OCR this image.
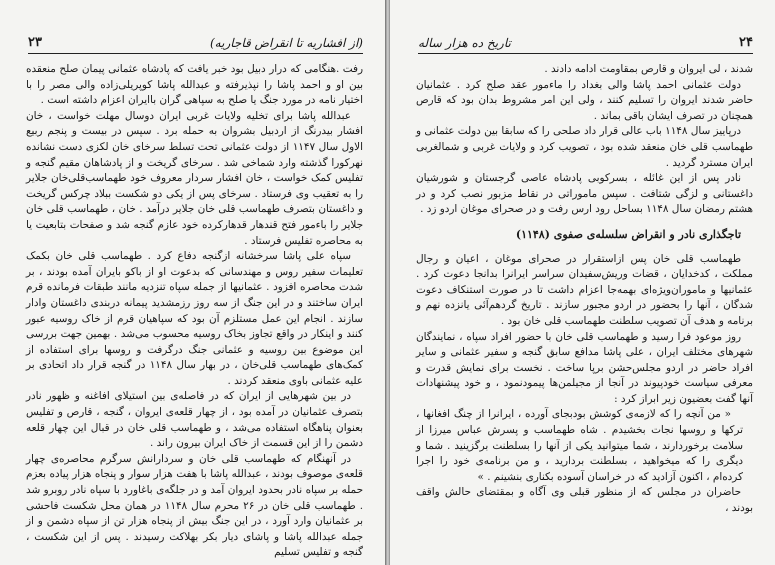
۲۳	(از افشاریه تا انقراض قاجاریه)

رفت .هنگامی که درار دبیل بود خبر یافت که پادشاه عثمانی پیمان صلح منعقده بین او و احمد پاشا را نپذیرفته و عبدالله پاشا کوپریلی‌زاده والی مصر را با اختیار نامه در مورد جنگ یا صلح به سپاهی گران باایران اعزام داشته است .

عبدالله پاشا برای تخلیه ولایات غربی ایران دوسال مهلت خواست ، خان افشار بیدرنگ از اردبیل بشروان به حمله برد . سپس در بیست و پنجم ربیع الاول سال ۱۱۴۷ از دولت عثمانی تحت تسلط سرخای خان لکزی دست نشانده نهرکورا گذشته وارد شماخی شد . سرخای گریخت و از پادشاهان مقیم گنجه و تفلیس کمک خواست ، خان افشار سردار معروف خود طهماسب‌قلی‌خان جلایر را به تعقیب وی فرستاد . سرخای پس از یکی دو شکست ببلاد چرکس گریخت و داغستان بتصرف طهماسب قلی خان جلایر درآمد . خان ، طهماسب قلی خان جلایر را باءمور فتح قندهار قدهارکرده خود عازم گنجه شد و صفحات بتابعیت یا به محاصره تفلیس فرستاد .

سپاه علی پاشا سرخشانه ازگنجه دفاع کرد . طهماسب قلی خان بکمک تعلیمات سفیر روس و مهندسانی که بدعوت او از باکو بایران آمده بودند ، بر شدت محاصره افزود . عثمانیها از جمله سپاه تنزدیه مانند طبقات فرمانده قرم ایران ساختند و در این جنگ از سه روز رزمشدید پیمانه دربندی داغستان وادار سازند . انجام این عمل مستلزم آن بود که سپاهیان قرم از خاک روسیه عبور کنند و اینکار در واقع تجاوز بخاک روسیه محسوب می‌شد . بهمین جهت بررسی این موضوع بین روسیه و عثمانی جنگ درگرفت و روسها برای استفاده از کمک‌های طهماسب قلی‌خان ، در بهار سال ۱۱۴۸ در گنجه قرار داد اتحادی بر علیه عثمانی باوی منعقد کردند .

در بین شهرهایی از ایران که در فاصله‌ی بین استیلای افاغنه و ظهور نادر بتصرف عثمانیان در آمده بود ، از چهار قلعه‌ی ایروان ، گنجه ، قارص و تفلیس بعنوان پناهگاه استفاده می‌شد ، و طهماسب قلی خان در قبال این چهار قلعه دشمن را از این قسمت از خاک ایران بیرون راند .

در آنهنگام که طهماسب قلی خان و سردارانش سرگرم محاصره‌ی چهار قلعه‌ی موصوف بودند ، عبدالله پاشا با هفت هزار سوار و پنجاه هزار پیاده بعزم حمله بر سپاه نادر بحدود ایروان آمد و در جلگه‌ی باغاورد با سپاه نادر روبرو شد . طهماسب قلی خان در ۲۶ محرم سال ۱۱۴۸ در همان محل شکست فاحشی بر عثمانیان وارد آورد ، در این جنگ بیش از پنجاه هزار تن از سپاه دشمن و از جمله عبدالله پاشا و پاشای دیار بکر بهلاکت رسیدند . پس از این شکست ، گنجه و تفلیس تسلیم

تاریخ ده هزار ساله	۲۴

شدند ، لی ایروان و قارص بمقاومت ادامه دادند .

دولت عثمانی احمد پاشا والی بغداد را ماءمور عقد صلح کرد . عثمانیان حاضر شدند ایروان را تسلیم کنند ، ولی این امر مشروط بدان بود که قارص همچنان در تصرف ایشان باقی بماند .

درپاییز سال ۱۱۴۸ باب عالی قرار داد صلحی را که سابقا بین دولت عثمانی و طهماسب قلی خان منعقد شده بود ، تصویب کرد و ولایات غربی و شمالغربی ایران مسترد گردید .

نادر پس از این غائله ، بسرکوبی پادشاه عاصی گرجستان و شورشیان داغستانی و لزگی شتافت . سپس ماموراتی در نقاط مزبور نصب کرد و در هشتم رمضان سال ۱۱۴۸ بساحل رود ارس رفت و در صحرای موغان اردو زد .

تاجگذاری نادر و انقراض سلسله‌ی صفوی (۱۱۴۸)

طهماسب قلی خان پس ازاستقرار در صحرای موغان ، اعیان و رجال مملکت ، کدخدایان ، قضات وریش‌سفیدان سراسر ایرانرا بدانجا دعوت کرد . عثمانیها و ماموران‌ویژه‌ای بهمه‌جا اعزام داشت تا در صورت استنکاف دعوت شدگان ، آنها را بحضور در اردو مجبور سازند . تاریخ گردهم‌آئی یانزده‌ نهم و برنامه و هدف آن تصویب سلطنت طهماسب قلی خان بود .

روز موعود فرا رسید و طهماسب قلی خان با حضور افراد سپاه ، نمایندگان شهرهای مختلف ایران ، علی پاشا مدافع سابق گنجه و سفیر عثمانی و سایر افراد حاضر در اردو مجلس‌حشن برپا ساخت . نخست برای نمایش قدرت و معرفی سیاست خودپیوند در آنجا از مجیلمن‌ها پیمودنمود ، و خود پیشنهادات آنها گفت بعضیون زیر ابراز کرد :

« من آنچه را که لازمه‌ی کوشش بود‌بجای آورده ، ایرانرا از چنگ افغانها ، ترکها و روسها نجات بخشیدم . شاه طهماسب و پسرش عباس میرزا از سلامت برخوردارند ، شما میتوانید یکی از آنها را بسلطنت برگزینید . شما و دیگری را که میخواهید ، بسلطنت بردارید ، و من برنامه‌ی خود را اجرا کرده‌ام ، اکنون آزادید که در خراسان آسوده بکناری بنشینم . »

حاضران در مجلس که از منظور قبلی وی آگاه و بمقتضای حالش واقف بودند ،
